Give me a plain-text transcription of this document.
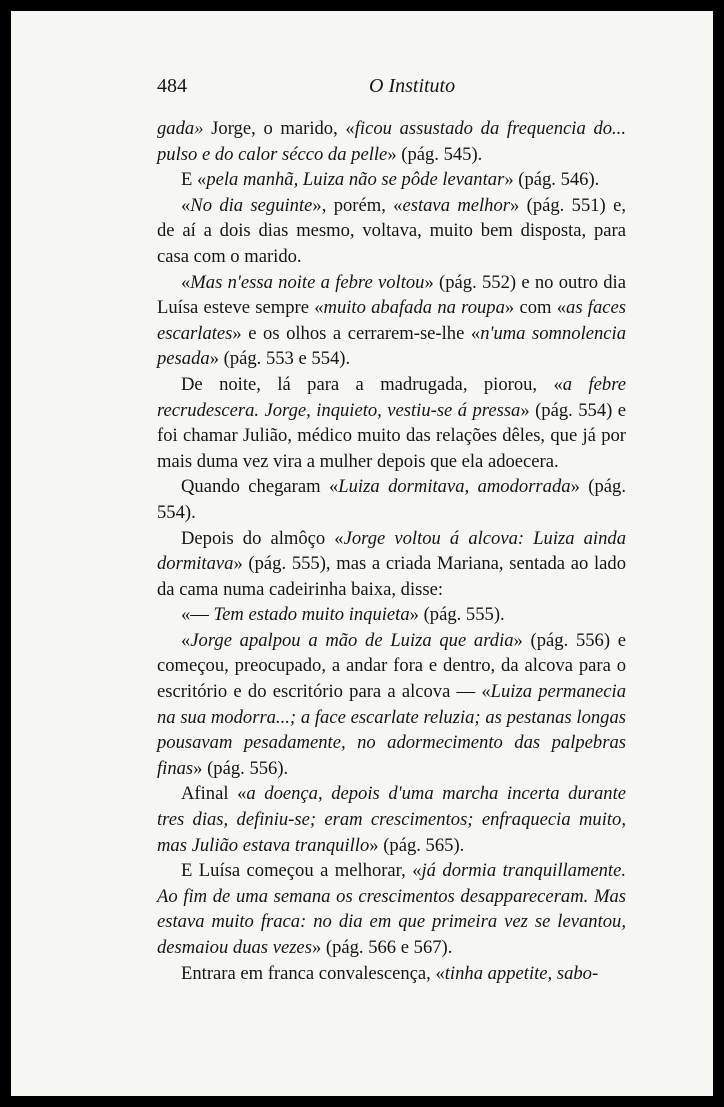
484	O Instituto

gada» Jorge, o marido, «ficou assustado da frequencia do... pulso e do calor sécco da pelle» (pág. 545).

E «pela manhã, Luiza não se pôde levantar» (pág. 546).

«No dia seguinte», porém, «estava melhor» (pág. 551) e, de aí a dois dias mesmo, voltava, muito bem disposta, para casa com o marido.

«Mas n'essa noite a febre voltou» (pág. 552) e no outro dia Luísa esteve sempre «muito abafada na roupa» com «as faces escarlates» e os olhos a cerrarem-se-lhe «n'uma somnolencia pesada» (pág. 553 e 554).

De noite, lá para a madrugada, piorou, «a febre recrudescera. Jorge, inquieto, vestiu-se á pressa» (pág. 554) e foi chamar Julião, médico muito das relações dêles, que já por mais duma vez vira a mulher depois que ela adoecera.

Quando chegaram «Luiza dormitava, amodorrada» (pág. 554).

Depois do almôço «Jorge voltou á alcova: Luiza ainda dormitava» (pág. 555), mas a criada Mariana, sentada ao lado da cama numa cadeirinha baixa, disse:

«— Tem estado muito inquieta» (pág. 555).

«Jorge apalpou a mão de Luiza que ardia» (pág. 556) e começou, preocupado, a andar fora e dentro, da alcova para o escritório e do escritório para a alcova — «Luiza permanecia na sua modorra...; a face escarlate reluzia; as pestanas longas pousavam pesadamente, no adormecimento das palpebras finas» (pág. 556).

Afinal «a doença, depois d'uma marcha incerta durante tres dias, definiu-se; eram crescimentos; enfraquecia muito, mas Julião estava tranquillo» (pág. 565).

E Luísa começou a melhorar, «já dormia tranquillamente. Ao fim de uma semana os crescimentos desappareceram. Mas estava muito fraca: no dia em que primeira vez se levantou, desmaiou duas vezes» (pág. 566 e 567).

Entrara em franca convalescença, «tinha appetite, sabo-
